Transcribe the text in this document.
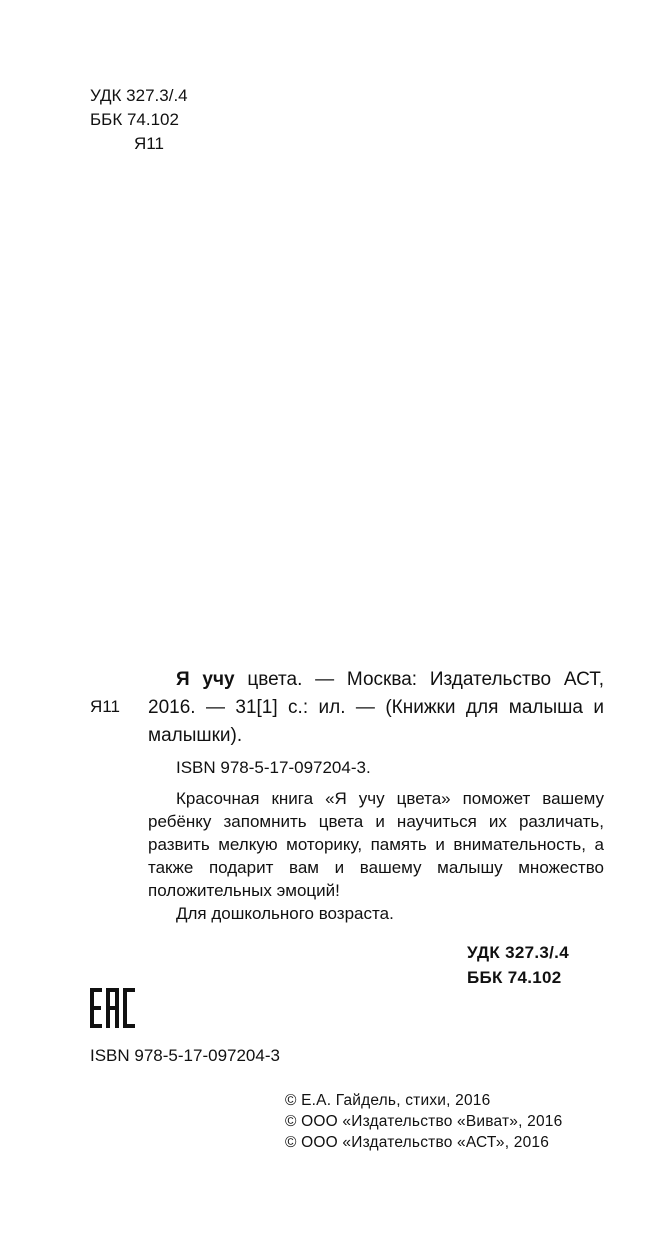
УДК 327.3/.4
ББК 74.102
Я11
Я11

Я учу цвета. — Москва: Издательство АСТ, 2016. — 31[1] с.: ил. — (Книжки для малыша и малышки).

ISBN 978-5-17-097204-3.

Красочная книга «Я учу цвета» поможет вашему ребёнку запомнить цвета и научиться их различать, развить мелкую моторику, память и внимательность, а также подарит вам и вашему малышу множество положительных эмоций!

Для дошкольного возраста.

УДК 327.3/.4
ББК 74.102
ISBN 978-5-17-097204-3
© Е.А. Гайдель, стихи, 2016
© ООО «Издательство «Виват», 2016
© ООО «Издательство «АСТ», 2016
